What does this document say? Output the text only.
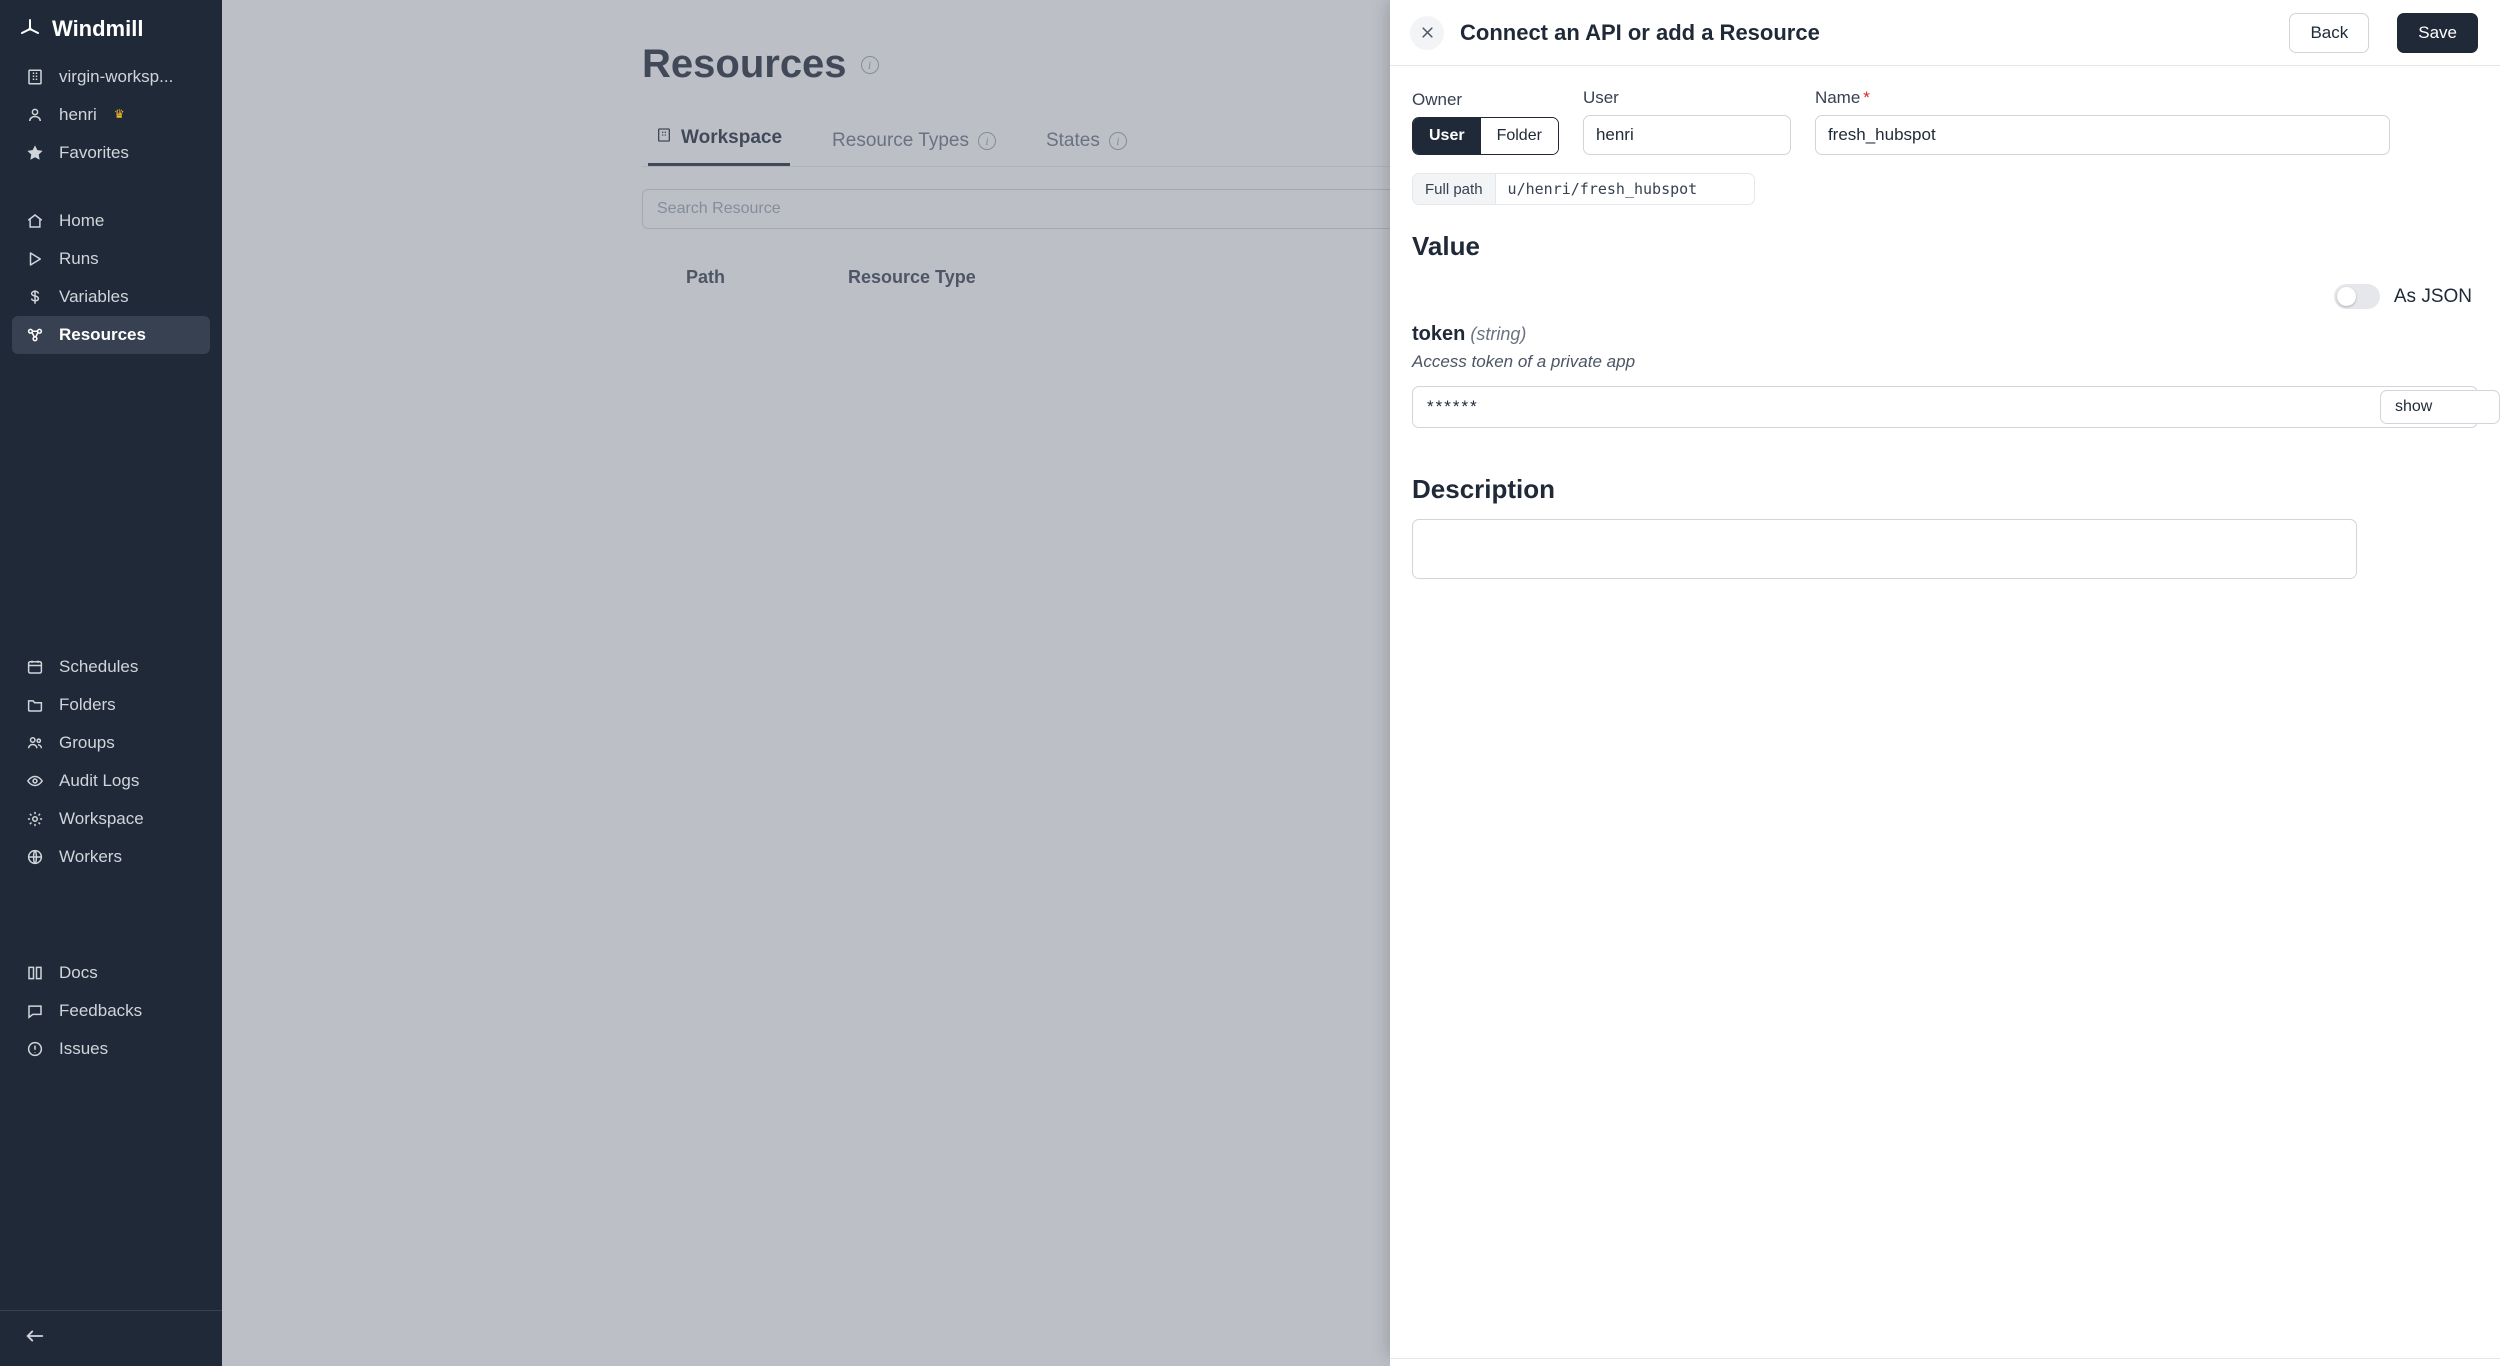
Windmill
virgin-worksp...
henri ♛
Favorites
Home
Runs
Variables
Resources
Schedules
Folders
Groups
Audit Logs
Workspace
Workers
Docs
Feedbacks
Issues
Resources	i
Workspace	Resource Types	i	States	i
Search Resource
Path	Resource Type
Connect an API or add a Resource	Back	Save
Owner
User	Folder
User
henri
Name *
fresh_hubspot
Full path	u/henri/fresh_hubspot
Value
As JSON
token (string)
Access token of a private app
******	show
Description
